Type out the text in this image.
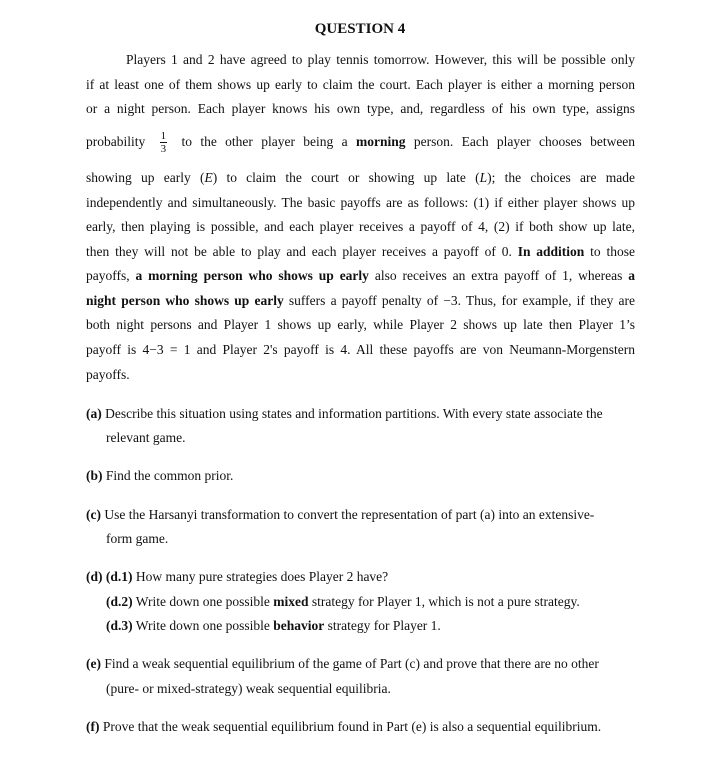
QUESTION 4
Players 1 and 2 have agreed to play tennis tomorrow. However, this will be possible only
if at least one of them shows up early to claim the court. Each player is either a morning person
or a night person. Each player knows his own type, and, regardless of his own type, assigns
probability $\frac{1}{3}$ to the other player being a morning person. Each player chooses between
showing up early (E) to claim the court or showing up late (L); the choices are made
independently and simultaneously. The basic payoffs are as follows: (1) if either player shows up
early, then playing is possible, and each player receives a payoff of 4, (2) if both show up late,
then they will not be able to play and each player receives a payoff of 0. In addition to those
payoffs, a morning person who shows up early also receives an extra payoff of 1, whereas a
night person who shows up early suffers a payoff penalty of −3. Thus, for example, if they are
both night persons and Player 1 shows up early, while Player 2 shows up late then Player 1’s
payoff is 4−3 = 1 and Player 2's payoff is 4. All these payoffs are von Neumann-Morgenstern
payoffs.
(a) Describe this situation using states and information partitions. With every state associate the
relevant game.
(b) Find the common prior.
(c) Use the Harsanyi transformation to convert the representation of part (a) into an extensive-
form game.
(d) (d.1) How many pure strategies does Player 2 have?
(d.2) Write down one possible mixed strategy for Player 1, which is not a pure strategy.
(d.3) Write down one possible behavior strategy for Player 1.
(e) Find a weak sequential equilibrium of the game of Part (c) and prove that there are no other
(pure- or mixed-strategy) weak sequential equilibria.
(f) Prove that the weak sequential equilibrium found in Part (e) is also a sequential equilibrium.
